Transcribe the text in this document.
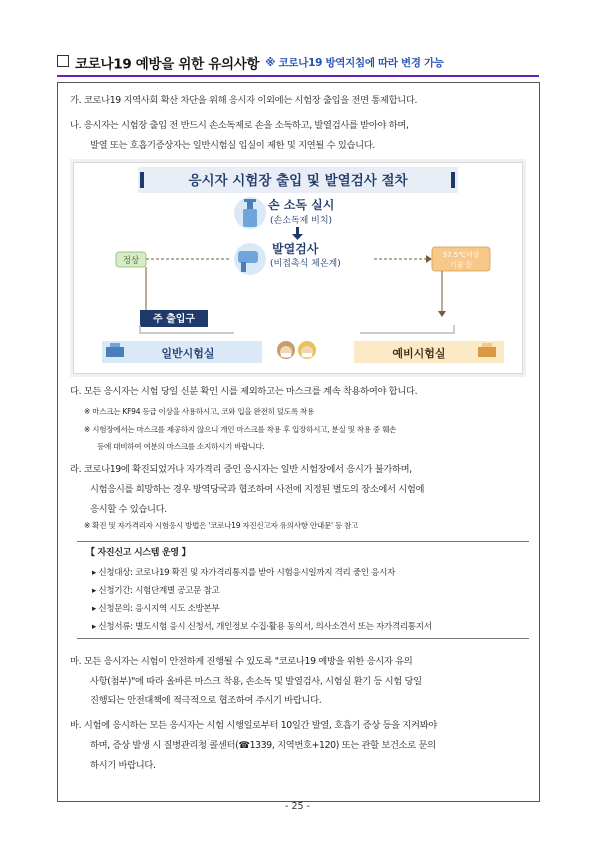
코로나19 예방을 위한 유의사항 ※ 코로나19 방역지침에 따라 변경 가능
가. 코로나19 지역사회 확산 차단을 위해 응시자 이외에는 시험장 출입을 전면 통제합니다.
나. 응시자는 시험장 출입 전 반드시 손소독제로 손을 소독하고, 발열검사를 받아야 하며,
발열 또는 호흡기증상자는 일반시험실 입실이 제한 및 지연될 수 있습니다.
응시자 시험장 출입 및 발열검사 절차
손 소독 실시
(손소독제 비치)
발열검사
(비접촉식 체온계)
정상
37.5℃이상
기침 등
주 출입구
일반시험실	예비시험실
다. 모든 응시자는 시험 당일 신분 확인 시를 제외하고는 마스크를 계속 착용하여야 합니다.
※ 마스크는 KF94 등급 이상을 사용하시고, 코와 입을 완전히 덮도록 착용
※ 시험장에서는 마스크를 제공하지 않으니 개인 마스크를 착용 후 입장하시고, 분실 및 착용 중 훼손
등에 대비하여 여분의 마스크를 소지하시기 바랍니다.
라. 코로나19에 확진되었거나 자가격리 중인 응시자는 일반 시험장에서 응시가 불가하며,
시험응시를 희망하는 경우 방역당국과 협조하여 사전에 지정된 별도의 장소에서 시험에
응시할 수 있습니다.
※ 확진 및 자가격리자 시험응시 방법은 '코로나19 자진신고자 유의사항 안내문' 등 참고
【 자진신고 시스템 운영 】
▸ 신청대상: 코로나19 확진 및 자가격리통지를 받아 시험응시일까지 격리 중인 응시자
▸ 신청기간: 시험단계별 공고문 참고
▸ 신청문의: 응시지역 시도 소방본부
▸ 신청서류: 별도시험 응시 신청서, 개인정보 수집·활용 동의서, 의사소견서 또는 자가격리통지서
마. 모든 응시자는 시험이 안전하게 진행될 수 있도록 "코로나19 예방을 위한 응시자 유의
사항(첨부)"에 따라 올바른 마스크 착용, 손소독 및 발열검사, 시험실 환기 등 시험 당일
진행되는 안전대책에 적극적으로 협조하여 주시기 바랍니다.
바. 시험에 응시하는 모든 응시자는 시험 시행일로부터 10일간 발열, 호흡기 증상 등을 지켜봐야
하며, 증상 발생 시 질병관리청 콜센터(☎1339, 지역번호+120) 또는 관할 보건소로 문의
하시기 바랍니다.
- 25 -
